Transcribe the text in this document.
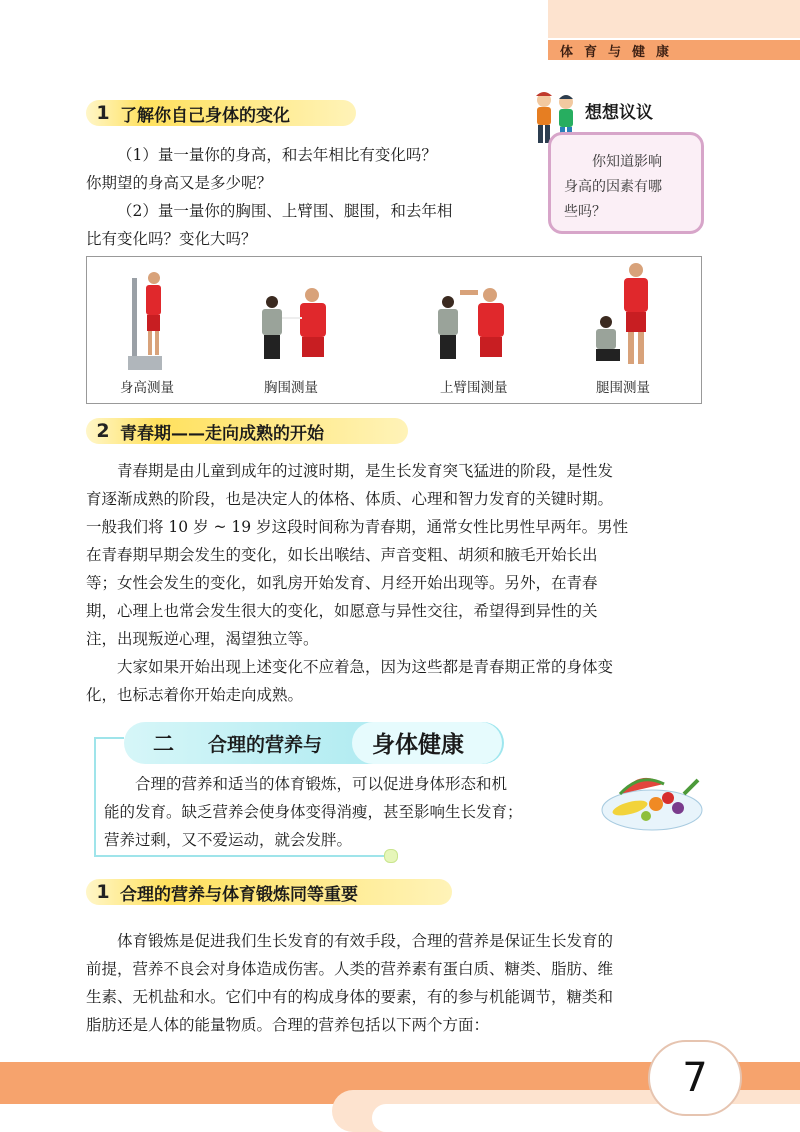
体育与健康
1 了解你自己身体的变化
（1）量一量你的身高，和去年相比有变化吗？
你期望的身高又是多少呢？
（2）量一量你的胸围、上臂围、腿围，和去年相
比有变化吗？变化大吗？
想想议议
你知道影响
身高的因素有哪
些吗？
身高测量	胸围测量	上臂围测量	腿围测量
2 青春期——走向成熟的开始
青春期是由儿童到成年的过渡时期，是生长发育突飞猛进的阶段，是性发
育逐渐成熟的阶段，也是决定人的体格、体质、心理和智力发育的关键时期。
一般我们将 10 岁 ~ 19 岁这段时间称为青春期，通常女性比男性早两年。男性
在青春期早期会发生的变化，如长出喉结、声音变粗、胡须和腋毛开始长出
等；女性会发生的变化，如乳房开始发育、月经开始出现等。另外，在青春
期，心理上也常会发生很大的变化，如愿意与异性交往，希望得到异性的关
注，出现叛逆心理，渴望独立等。
大家如果开始出现上述变化不应着急，因为这些都是青春期正常的身体变
化，也标志着你开始走向成熟。
二 合理的营养与 身体健康
合理的营养和适当的体育锻炼，可以促进身体形态和机
能的发育。缺乏营养会使身体变得消瘦，甚至影响生长发育；
营养过剩，又不爱运动，就会发胖。
1 合理的营养与体育锻炼同等重要
体育锻炼是促进我们生长发育的有效手段，合理的营养是保证生长发育的
前提，营养不良会对身体造成伤害。人类的营养素有蛋白质、糖类、脂肪、维
生素、无机盐和水。它们中有的构成身体的要素，有的参与机能调节，糖类和
脂肪还是人体的能量物质。合理的营养包括以下两个方面：
7
